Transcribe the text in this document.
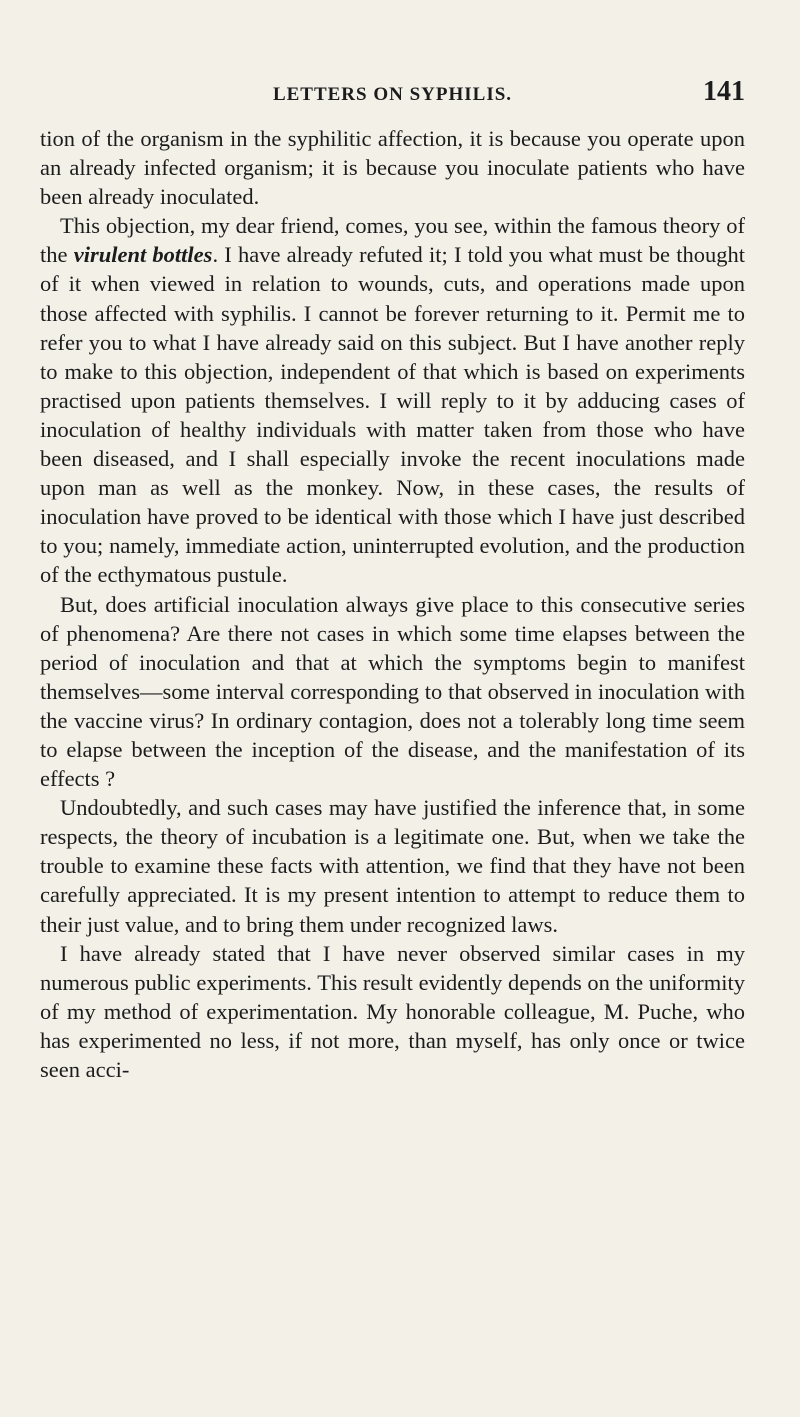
LETTERS ON SYPHILIS.	141

tion of the organism in the syphilitic affection, it is because you operate upon an already infected organism; it is because you inoculate patients who have been already inoculated.

This objection, my dear friend, comes, you see, within the famous theory of the virulent bottles. I have already refuted it; I told you what must be thought of it when viewed in relation to wounds, cuts, and operations made upon those affected with syphilis. I cannot be forever returning to it. Permit me to refer you to what I have already said on this subject. But I have another reply to make to this objection, independent of that which is based on experiments practised upon patients themselves. I will reply to it by adducing cases of inoculation of healthy individuals with matter taken from those who have been diseased, and I shall especially invoke the recent inoculations made upon man as well as the monkey. Now, in these cases, the results of inoculation have proved to be identical with those which I have just described to you; namely, immediate action, uninterrupted evolution, and the production of the ecthymatous pustule.

But, does artificial inoculation always give place to this consecutive series of phenomena? Are there not cases in which some time elapses between the period of inoculation and that at which the symptoms begin to manifest themselves—some interval corresponding to that observed in inoculation with the vaccine virus? In ordinary contagion, does not a tolerably long time seem to elapse between the inception of the disease, and the manifestation of its effects ?

Undoubtedly, and such cases may have justified the inference that, in some respects, the theory of incubation is a legitimate one. But, when we take the trouble to examine these facts with attention, we find that they have not been carefully appreciated. It is my present intention to attempt to reduce them to their just value, and to bring them under recognized laws.

I have already stated that I have never observed similar cases in my numerous public experiments. This result evidently depends on the uniformity of my method of experimentation. My honorable colleague, M. Puche, who has experimented no less, if not more, than myself, has only once or twice seen acci-
